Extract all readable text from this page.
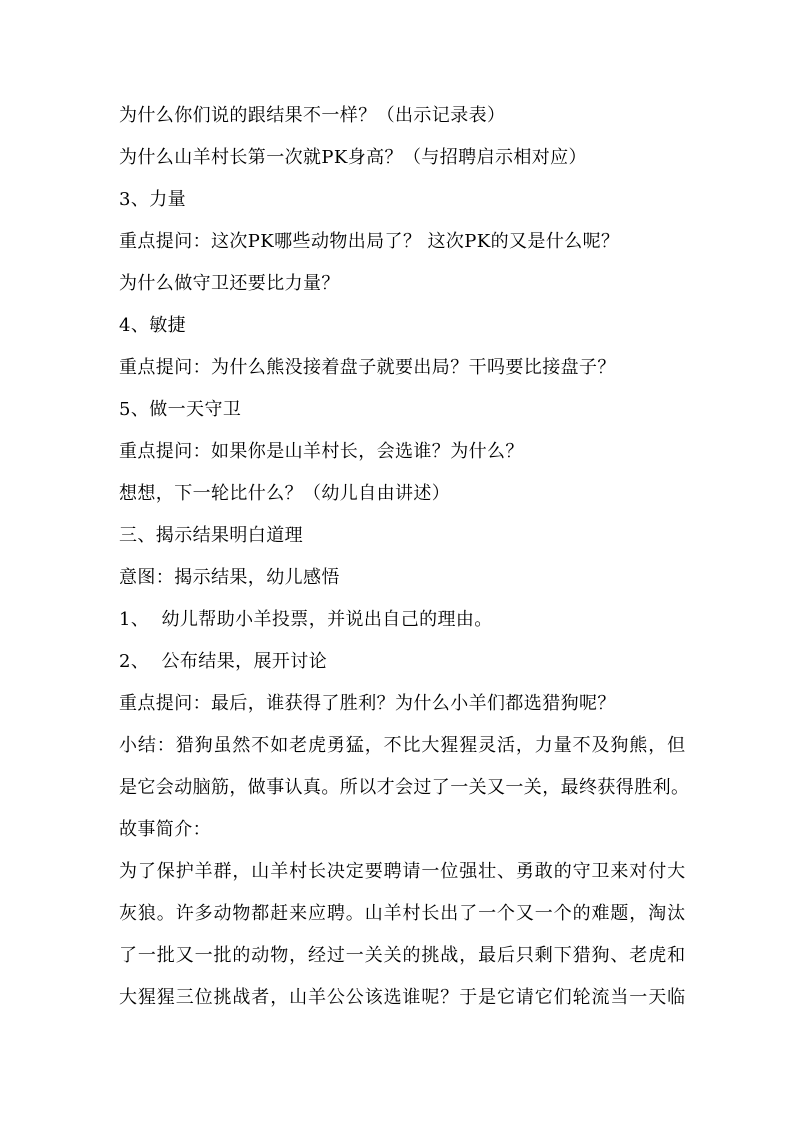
为什么你们说的跟结果不一样？（出示记录表）
为什么山羊村长第一次就PK身高？（与招聘启示相对应）
3、力量
重点提问：这次PK哪些动物出局了？ 这次PK的又是什么呢？
为什么做守卫还要比力量？
4、敏捷
重点提问：为什么熊没接着盘子就要出局？干吗要比接盘子？
5、做一天守卫
重点提问：如果你是山羊村长，会选谁？为什么？
想想，下一轮比什么？（幼儿自由讲述）
三、揭示结果明白道理
意图：揭示结果，幼儿感悟
1、  幼儿帮助小羊投票，并说出自己的理由。
2、  公布结果，展开讨论
重点提问：最后，谁获得了胜利？为什么小羊们都选猎狗呢？
小结：猎狗虽然不如老虎勇猛，不比大猩猩灵活，力量不及狗熊，但
是它会动脑筋，做事认真。所以才会过了一关又一关，最终获得胜利。
故事简介：
为了保护羊群，山羊村长决定要聘请一位强壮、勇敢的守卫来对付大
灰狼。许多动物都赶来应聘。山羊村长出了一个又一个的难题，淘汰
了一批又一批的动物，经过一关关的挑战，最后只剩下猎狗、老虎和
大猩猩三位挑战者，山羊公公该选谁呢？于是它请它们轮流当一天临
